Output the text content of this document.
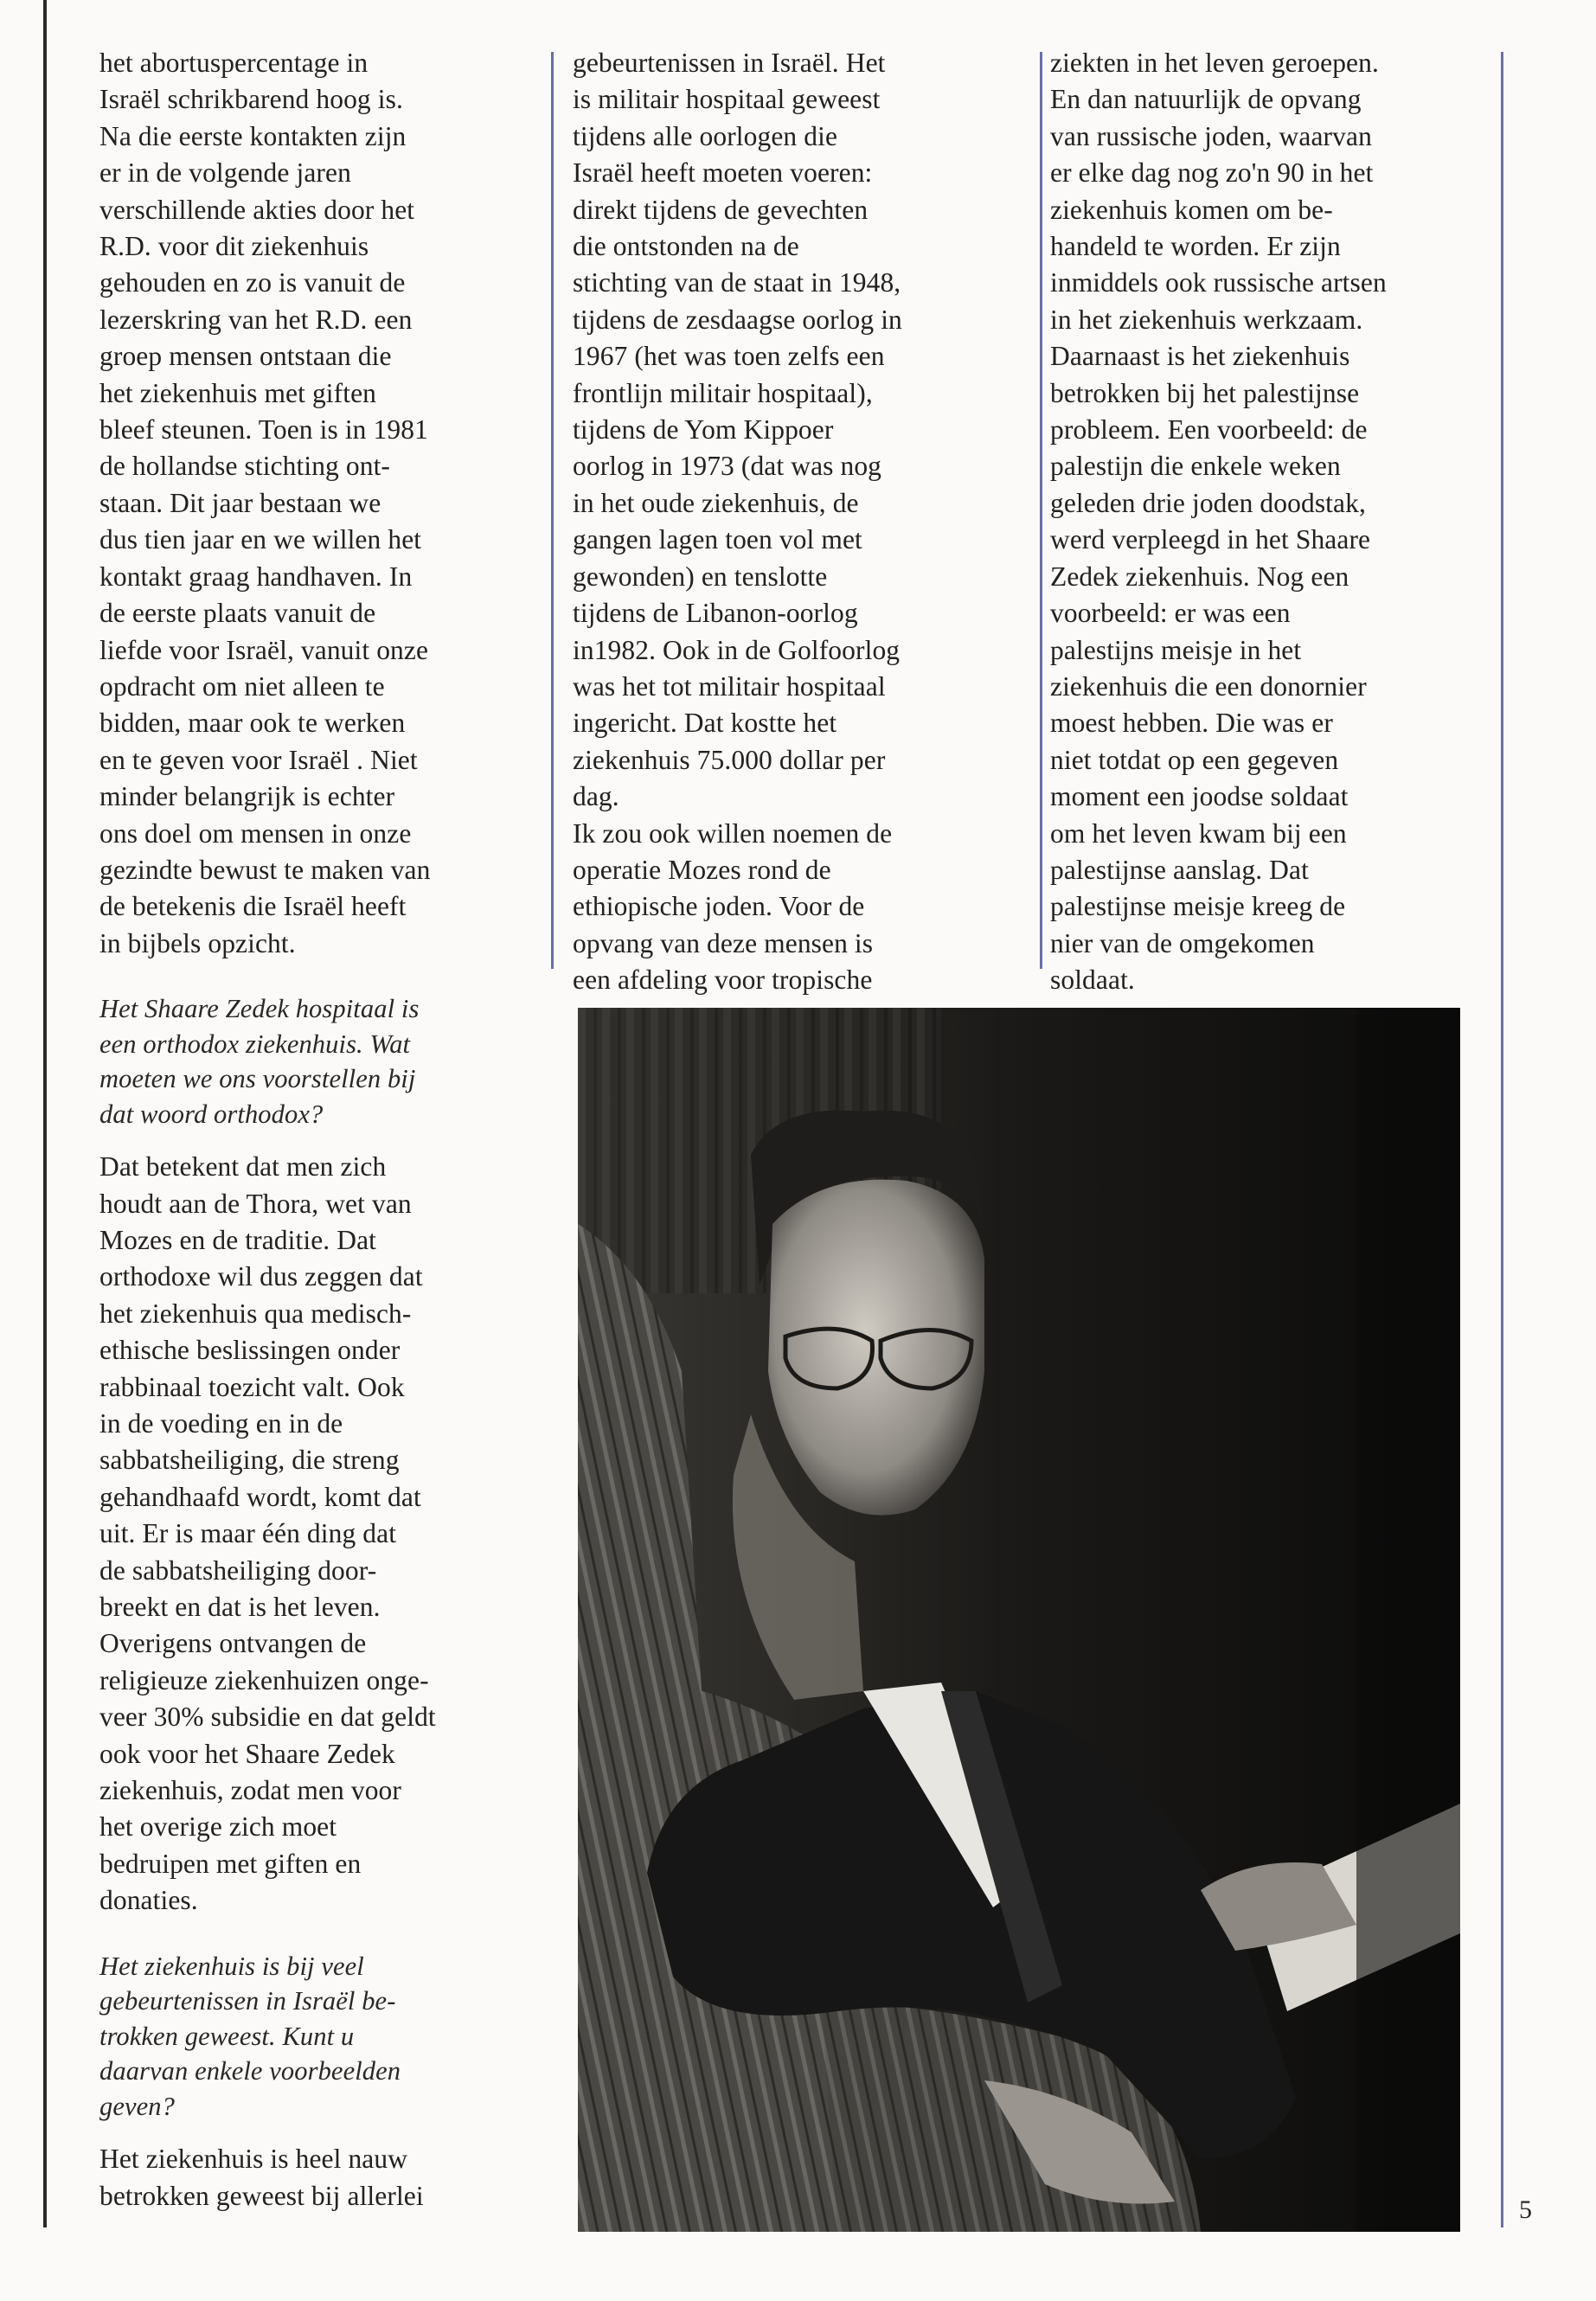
het abortuspercentage in

Israël schrikbarend hoog is.

Na die eerste kontakten zijn

er in de volgende jaren

verschillende akties door het

R.D. voor dit ziekenhuis

gehouden en zo is vanuit de

lezerskring van het R.D. een

groep mensen ontstaan die

het ziekenhuis met giften

bleef steunen. Toen is in 1981

de hollandse stichting ont-

staan. Dit jaar bestaan we

dus tien jaar en we willen het

kontakt graag handhaven. In

de eerste plaats vanuit de

liefde voor Israël, vanuit onze

opdracht om niet alleen te

bidden, maar ook te werken

en te geven voor Israël . Niet

minder belangrijk is echter

ons doel om mensen in onze

gezindte bewust te maken van

de betekenis die Israël heeft

in bijbels opzicht.

Het Shaare Zedek hospitaal is

een orthodox ziekenhuis. Wat

moeten we ons voorstellen bij

dat woord orthodox?

Dat betekent dat men zich

houdt aan de Thora, wet van

Mozes en de traditie. Dat

orthodoxe wil dus zeggen dat

het ziekenhuis qua medisch-

ethische beslissingen onder

rabbinaal toezicht valt. Ook

in de voeding en in de

sabbatsheiliging, die streng

gehandhaafd wordt, komt dat

uit. Er is maar één ding dat

de sabbatsheiliging door-

breekt en dat is het leven.

Overigens ontvangen de

religieuze ziekenhuizen onge-

veer 30% subsidie en dat geldt

ook voor het Shaare Zedek

ziekenhuis, zodat men voor

het overige zich moet

bedruipen met giften en

donaties.

Het ziekenhuis is bij veel

gebeurtenissen in Israël be-

trokken geweest. Kunt u

daarvan enkele voorbeelden

geven?

Het ziekenhuis is heel nauw

betrokken geweest bij allerlei

gebeurtenissen in Israël. Het

is militair hospitaal geweest

tijdens alle oorlogen die

Israël heeft moeten voeren:

direkt tijdens de gevechten

die ontstonden na de

stichting van de staat in 1948,

tijdens de zesdaagse oorlog in

1967 (het was toen zelfs een

frontlijn militair hospitaal),

tijdens de Yom Kippoer

oorlog in 1973 (dat was nog

in het oude ziekenhuis, de

gangen lagen toen vol met

gewonden) en tenslotte

tijdens de Libanon-oorlog

in1982. Ook in de Golfoorlog

was het tot militair hospitaal

ingericht. Dat kostte het

ziekenhuis 75.000 dollar per

dag.

Ik zou ook willen noemen de

operatie Mozes rond de

ethiopische joden. Voor de

opvang van deze mensen is

een afdeling voor tropische

ziekten in het leven geroepen.

En dan natuurlijk de opvang

van russische joden, waarvan

er elke dag nog zo'n 90 in het

ziekenhuis komen om be-

handeld te worden. Er zijn

inmiddels ook russische artsen

in het ziekenhuis werkzaam.

Daarnaast is het ziekenhuis

betrokken bij het palestijnse

probleem. Een voorbeeld: de

palestijn die enkele weken

geleden drie joden doodstak,

werd verpleegd in het Shaare

Zedek ziekenhuis. Nog een

voorbeeld: er was een

palestijns meisje in het

ziekenhuis die een donornier

moest hebben. Die was er

niet totdat op een gegeven

moment een joodse soldaat

om het leven kwam bij een

palestijnse aanslag. Dat

palestijnse meisje kreeg de

nier van de omgekomen

soldaat.

5
